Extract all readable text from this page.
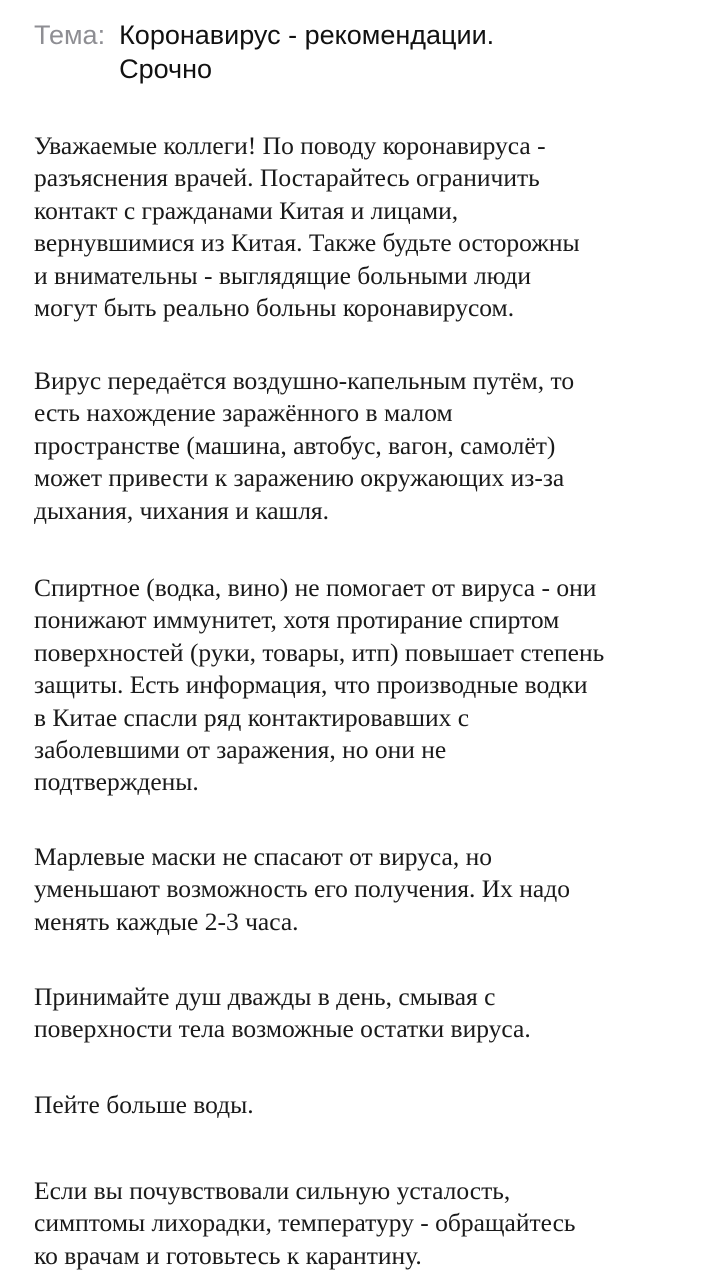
Тема: Коронавирус - рекомендации.
Срочно

Уважаемые коллеги! По поводу коронавируса -
разъяснения врачей. Постарайтесь ограничить
контакт с гражданами Китая и лицами,
вернувшимися из Китая. Также будьте осторожны
и внимательны - выглядящие больными люди
могут быть реально больны коронавирусом.

Вирус передаётся воздушно-капельным путём, то
есть нахождение заражённого в малом
пространстве (машина, автобус, вагон, самолёт)
может привести к заражению окружающих из-за
дыхания, чихания и кашля.

Спиртное (водка, вино) не помогает от вируса - они
понижают иммунитет, хотя протирание спиртом
поверхностей (руки, товары, итп) повышает степень
защиты. Есть информация, что производные водки
в Китае спасли ряд контактировавших с
заболевшими от заражения, но они не
подтверждены.

Марлевые маски не спасают от вируса, но
уменьшают возможность его получения. Их надо
менять каждые 2-3 часа.

Принимайте душ дважды в день, смывая с
поверхности тела возможные остатки вируса.

Пейте больше воды.

Если вы почувствовали сильную усталость,
симптомы лихорадки, температуру - обращайтесь
ко врачам и готовьтесь к карантину.
